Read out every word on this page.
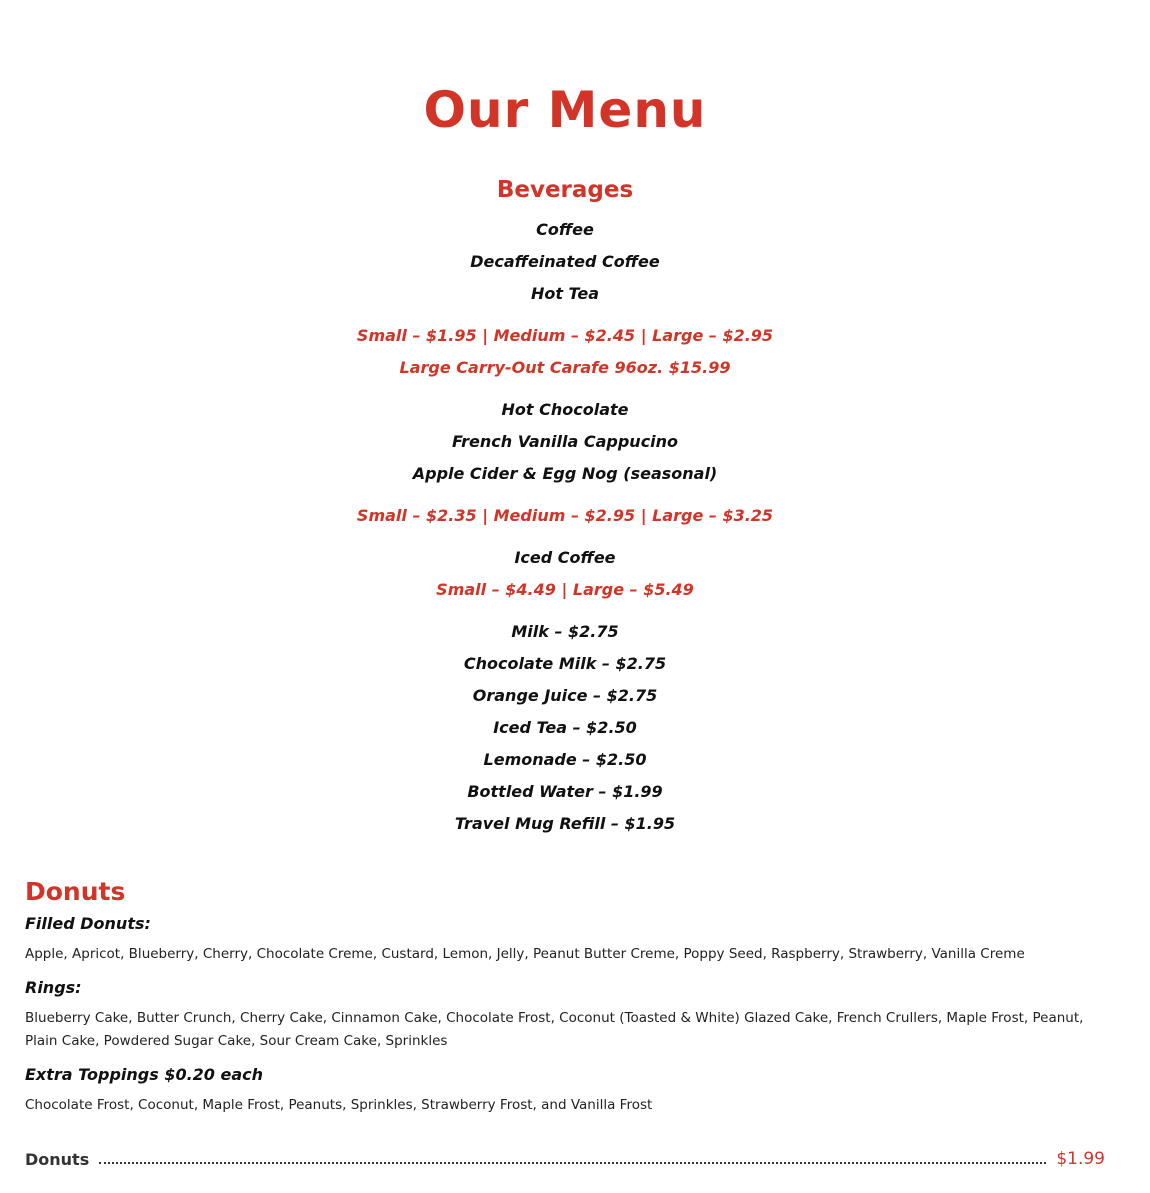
Our Menu
Beverages
Coffee
Decaffeinated Coffee
Hot Tea
Small – $1.95 | Medium – $2.45 | Large – $2.95
Large Carry-Out Carafe 96oz. $15.99
Hot Chocolate
French Vanilla Cappucino
Apple Cider & Egg Nog (seasonal)
Small – $2.35 | Medium – $2.95 | Large – $3.25
Iced Coffee
Small – $4.49 | Large – $5.49
Milk – $2.75
Chocolate Milk – $2.75
Orange Juice – $2.75
Iced Tea – $2.50
Lemonade – $2.50
Bottled Water – $1.99
Travel Mug Refill – $1.95
Donuts
Filled Donuts:
Apple, Apricot, Blueberry, Cherry, Chocolate Creme, Custard, Lemon, Jelly, Peanut Butter Creme, Poppy Seed, Raspberry, Strawberry, Vanilla Creme
Rings:
Blueberry Cake, Butter Crunch, Cherry Cake, Cinnamon Cake, Chocolate Frost, Coconut (Toasted & White) Glazed Cake, French Crullers, Maple Frost, Peanut, Plain Cake, Powdered Sugar Cake, Sour Cream Cake, Sprinkles
Extra Toppings $0.20 each
Chocolate Frost, Coconut, Maple Frost, Peanuts, Sprinkles, Strawberry Frost, and Vanilla Frost
Donuts	$1.99
